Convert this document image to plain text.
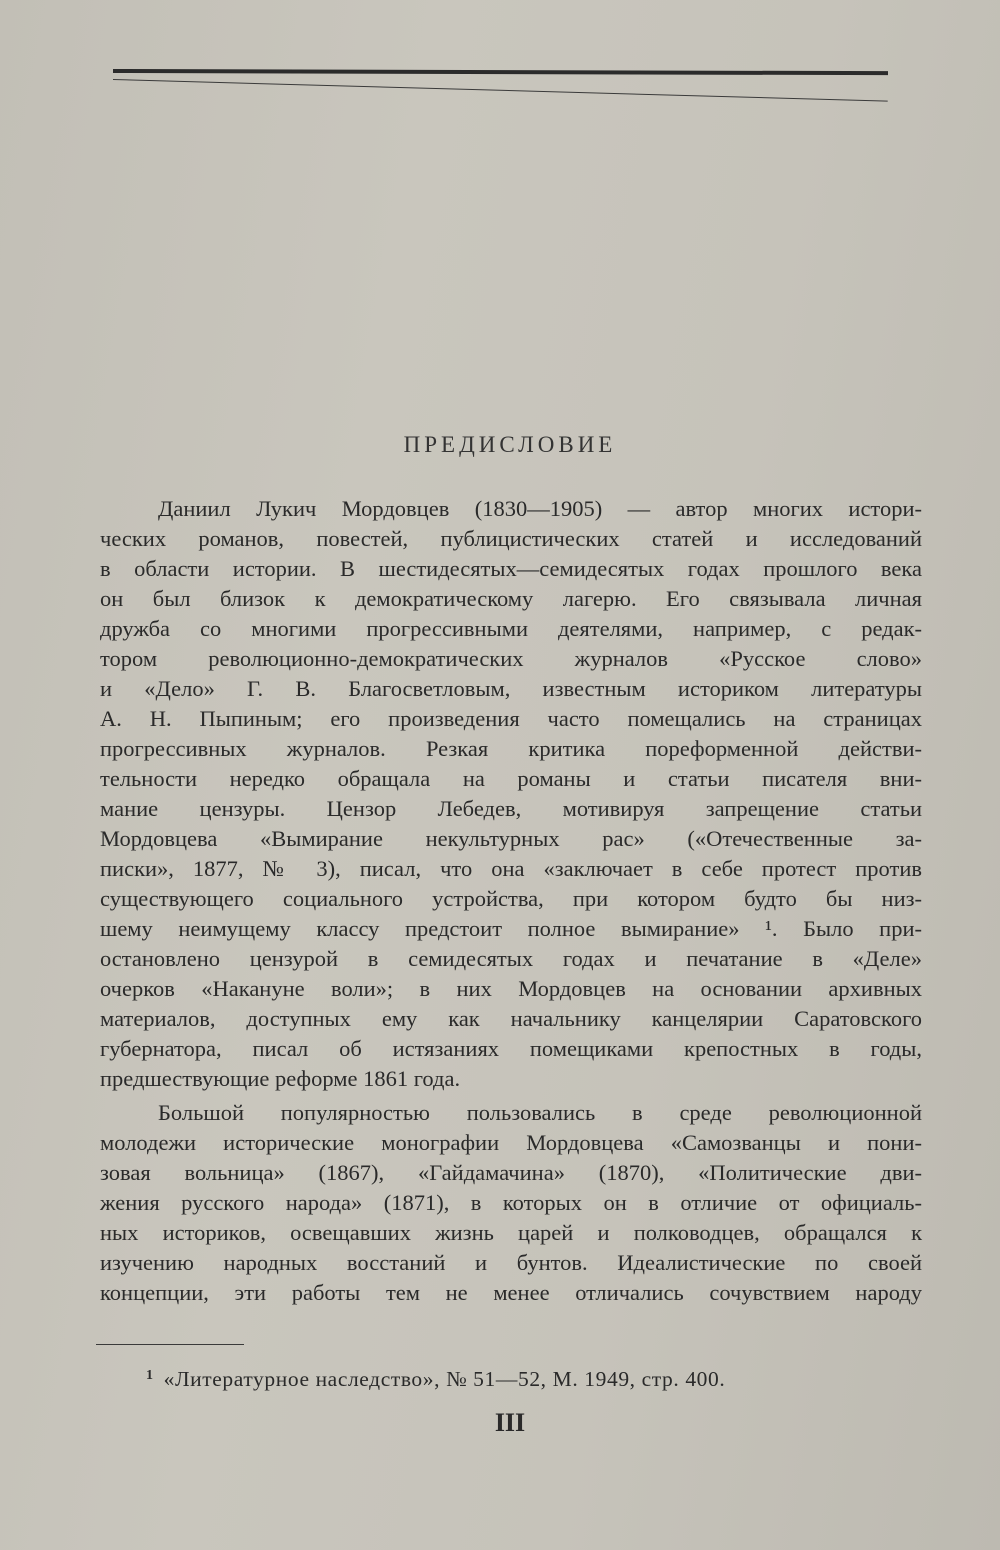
ПРЕДИСЛОВИЕ
Даниил Лукич Мордовцев (1830—1905) — автор многих истори-
ческих романов, повестей, публицистических статей и исследований
в области истории. В шестидесятых—семидесятых годах прошлого века
он был близок к демократическому лагерю. Его связывала личная
дружба со многими прогрессивными деятелями, например, с редак-
тором революционно-демократических журналов «Русское слово»
и «Дело» Г. В. Благосветловым, известным историком литературы
А. Н. Пыпиным; его произведения часто помещались на страницах
прогрессивных журналов. Резкая критика пореформенной действи-
тельности нередко обращала на романы и статьи писателя вни-
мание цензуры. Цензор Лебедев, мотивируя запрещение статьи
Мордовцева «Вымирание некультурных рас» («Отечественные за-
писки», 1877, № 3), писал, что она «заключает в себе протест против
существующего социального устройства, при котором будто бы низ-
шему неимущему классу предстоит полное вымирание» ¹. Было при-
остановлено цензурой в семидесятых годах и печатание в «Деле»
очерков «Накануне воли»; в них Мордовцев на основании архивных
материалов, доступных ему как начальнику канцелярии Саратовского
губернатора, писал об истязаниях помещиками крепостных в годы,
предшествующие реформе 1861 года.
Большой популярностью пользовались в среде революционной
молодежи исторические монографии Мордовцева «Самозванцы и пони-
зовая вольница» (1867), «Гайдамачина» (1870), «Политические дви-
жения русского народа» (1871), в которых он в отличие от официаль-
ных историков, освещавших жизнь царей и полководцев, обращался к
изучению народных восстаний и бунтов. Идеалистические по своей
концепции, эти работы тем не менее отличались сочувствием народу
$^1$ «Литературное наследство», № 51—52, М. 1949, стр. 400.
III
